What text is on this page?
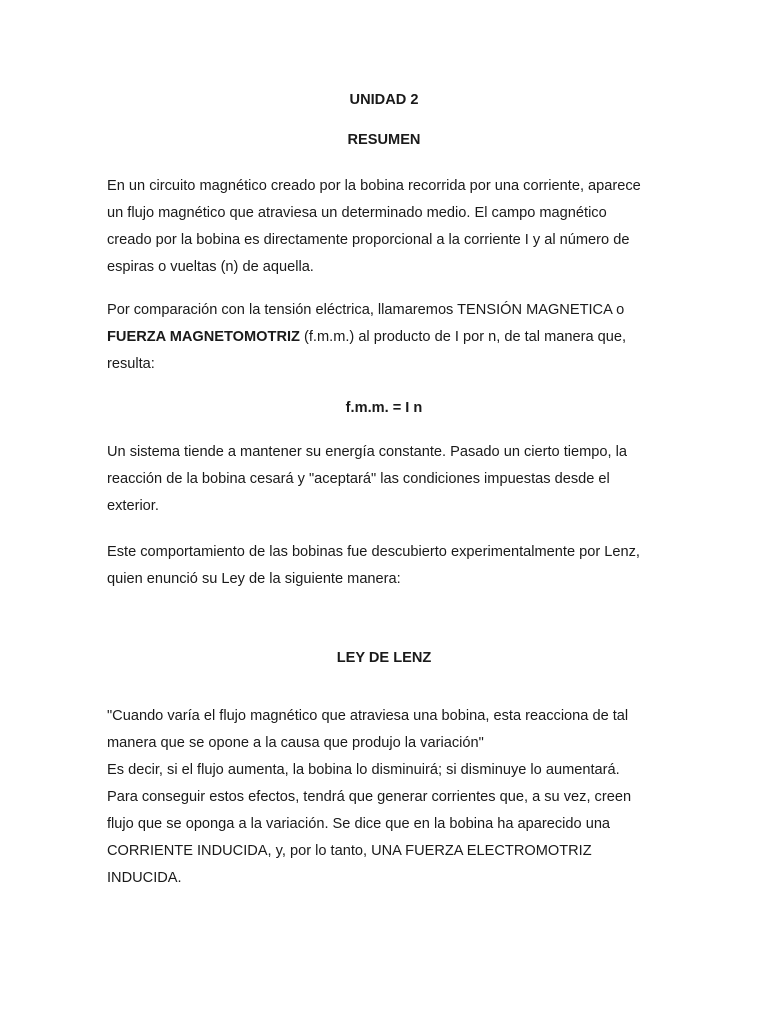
UNIDAD 2
RESUMEN

En un circuito magnético creado por la bobina recorrida por una corriente, aparece
un flujo magnético que atraviesa un determinado medio. El campo magnético
creado por la bobina es directamente proporcional a la corriente I y al número de
espiras o vueltas (n) de aquella.

Por comparación con la tensión eléctrica, llamaremos TENSIÓN MAGNETICA o
FUERZA MAGNETOMOTRIZ (f.m.m.) al producto de I por n, de tal manera que,
resulta:

f.m.m. = I n

Un sistema tiende a mantener su energía constante. Pasado un cierto tiempo, la
reacción de la bobina cesará y "aceptará" las condiciones impuestas desde el
exterior.

Este comportamiento de las bobinas fue descubierto experimentalmente por Lenz,
quien enunció su Ley de la siguiente manera:

LEY DE LENZ

"Cuando varía el flujo magnético que atraviesa una bobina, esta reacciona de tal
manera que se opone a la causa que produjo la variación"
Es decir, si el flujo aumenta, la bobina lo disminuirá; si disminuye lo aumentará.
Para conseguir estos efectos, tendrá que generar corrientes que, a su vez, creen
flujo que se oponga a la variación. Se dice que en la bobina ha aparecido una
CORRIENTE INDUCIDA, y, por lo tanto, UNA FUERZA ELECTROMOTRIZ
INDUCIDA.
